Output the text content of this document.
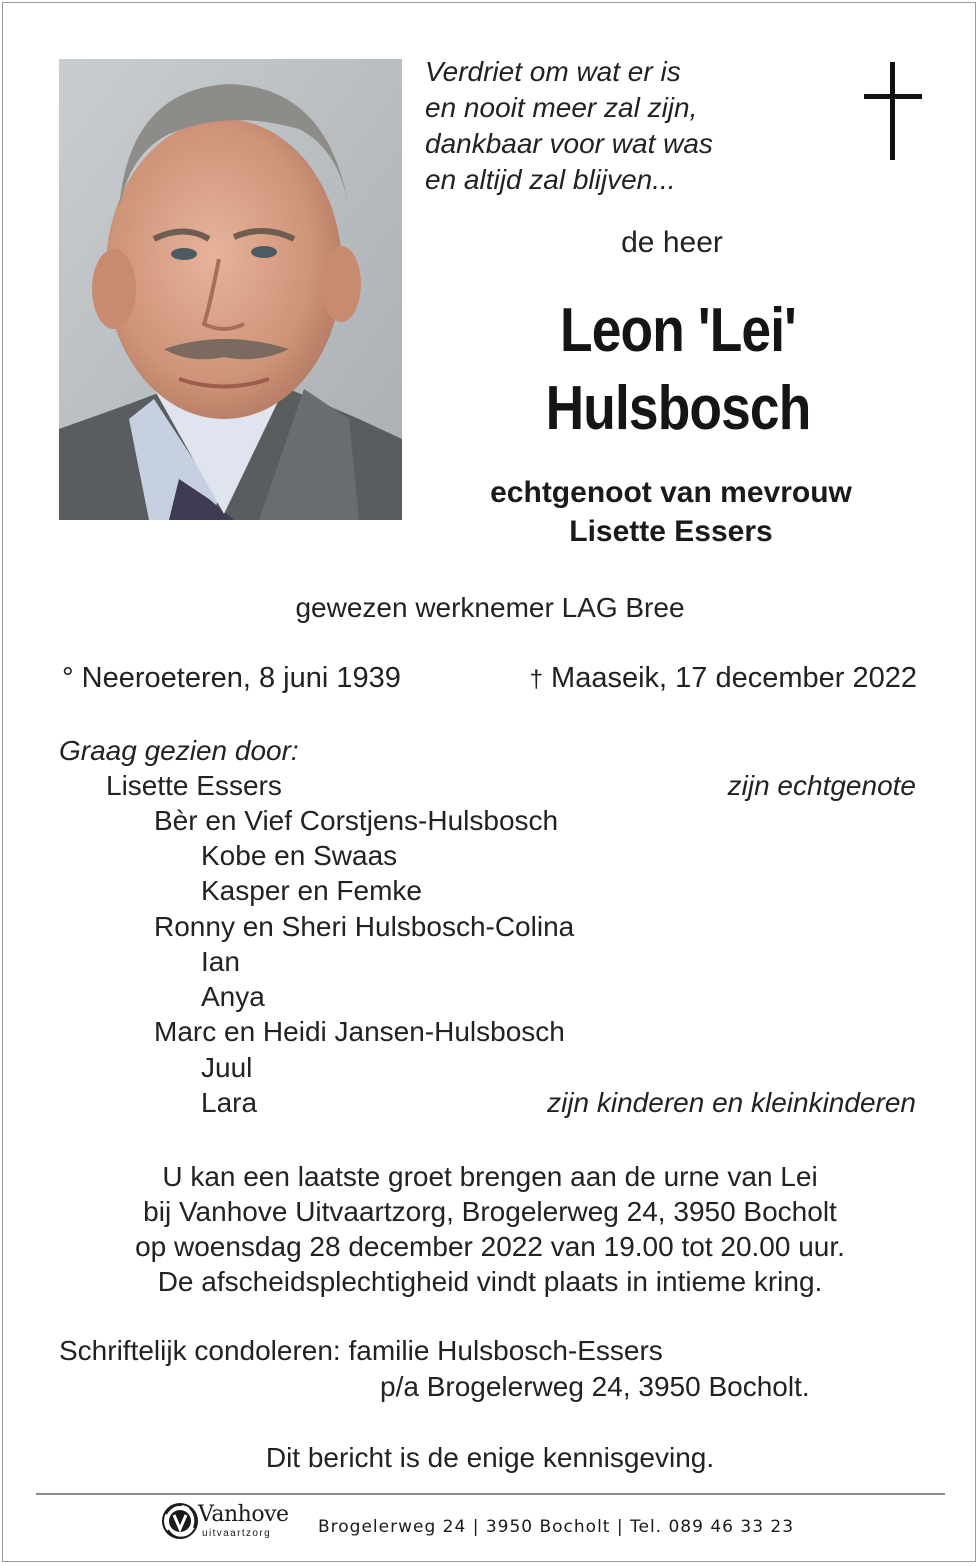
Verdriet om wat er is
en nooit meer zal zijn,
dankbaar voor wat was
en altijd zal blijven...
de heer
Leon 'Lei'
Hulsbosch
echtgenoot van mevrouw
Lisette Essers
gewezen werknemer LAG Bree
° Neeroeteren, 8 juni 1939	† Maaseik, 17 december 2022
Graag gezien door:
Lisette Essers	zijn echtgenote
Bèr en Vief Corstjens-Hulsbosch
Kobe en Swaas
Kasper en Femke
Ronny en Sheri Hulsbosch-Colina
Ian
Anya
Marc en Heidi Jansen-Hulsbosch
Juul
Lara	zijn kinderen en kleinkinderen
U kan een laatste groet brengen aan de urne van Lei
bij Vanhove Uitvaartzorg, Brogelerweg 24, 3950 Bocholt
op woensdag 28 december 2022 van 19.00 tot 20.00 uur.
De afscheidsplechtigheid vindt plaats in intieme kring.
Schriftelijk condoleren: familie Hulsbosch-Essers
p/a Brogelerweg 24, 3950 Bocholt.
Dit bericht is de enige kennisgeving.
Vanhove
uitvaartzorg	Brogelerweg 24 | 3950 Bocholt | Tel. 089 46 33 23
